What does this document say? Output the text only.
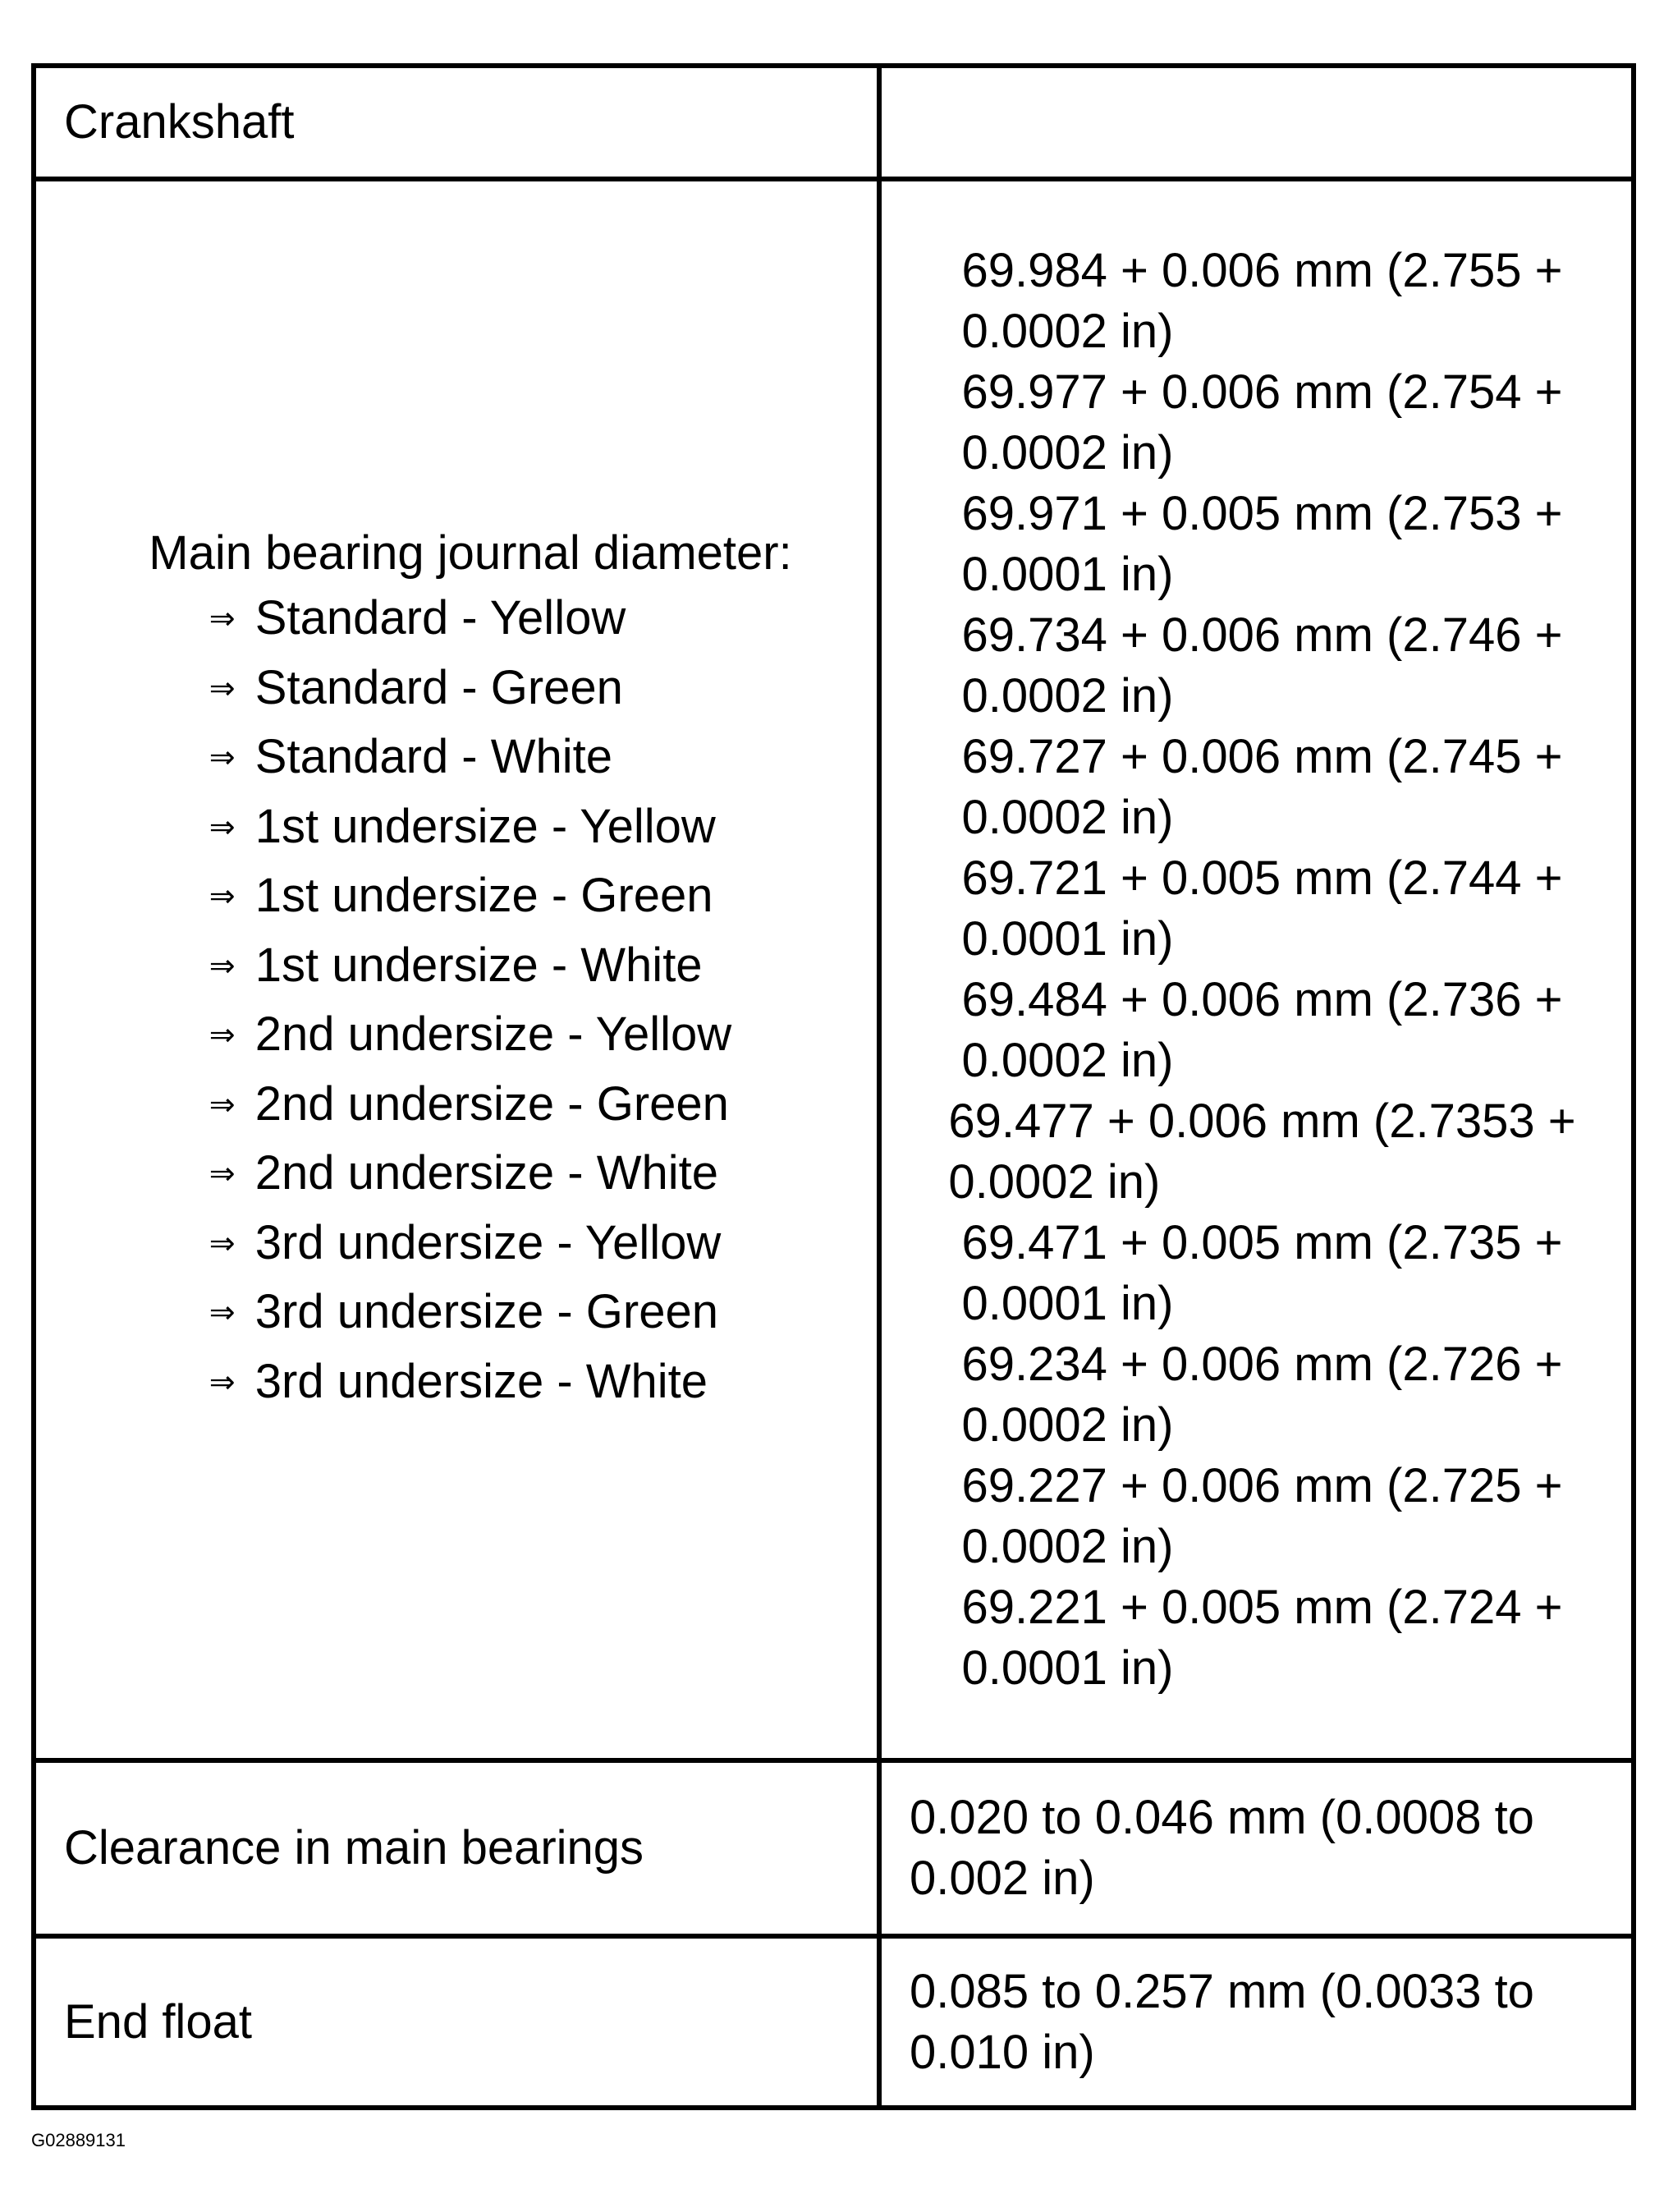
Crankshaft
Main bearing journal diameter:
⇒ Standard - Yellow
⇒ Standard - Green
⇒ Standard - White
⇒ 1st undersize - Yellow
⇒ 1st undersize - Green
⇒ 1st undersize - White
⇒ 2nd undersize - Yellow
⇒ 2nd undersize - Green
⇒ 2nd undersize - White
⇒ 3rd undersize - Yellow
⇒ 3rd undersize - Green
⇒ 3rd undersize - White
69.984 + 0.006 mm (2.755 +
0.0002 in)
69.977 + 0.006 mm (2.754 +
0.0002 in)
69.971 + 0.005 mm (2.753 +
0.0001 in)
69.734 + 0.006 mm (2.746 +
0.0002 in)
69.727 + 0.006 mm (2.745 +
0.0002 in)
69.721 + 0.005 mm (2.744 +
0.0001 in)
69.484 + 0.006 mm (2.736 +
0.0002 in)
69.477 + 0.006 mm (2.7353 +
0.0002 in)
69.471 + 0.005 mm (2.735 +
0.0001 in)
69.234 + 0.006 mm (2.726 +
0.0002 in)
69.227 + 0.006 mm (2.725 +
0.0002 in)
69.221 + 0.005 mm (2.724 +
0.0001 in)
Clearance in main bearings
0.020 to 0.046 mm (0.0008 to
0.002 in)
End float
0.085 to 0.257 mm (0.0033 to
0.010 in)
G02889131
